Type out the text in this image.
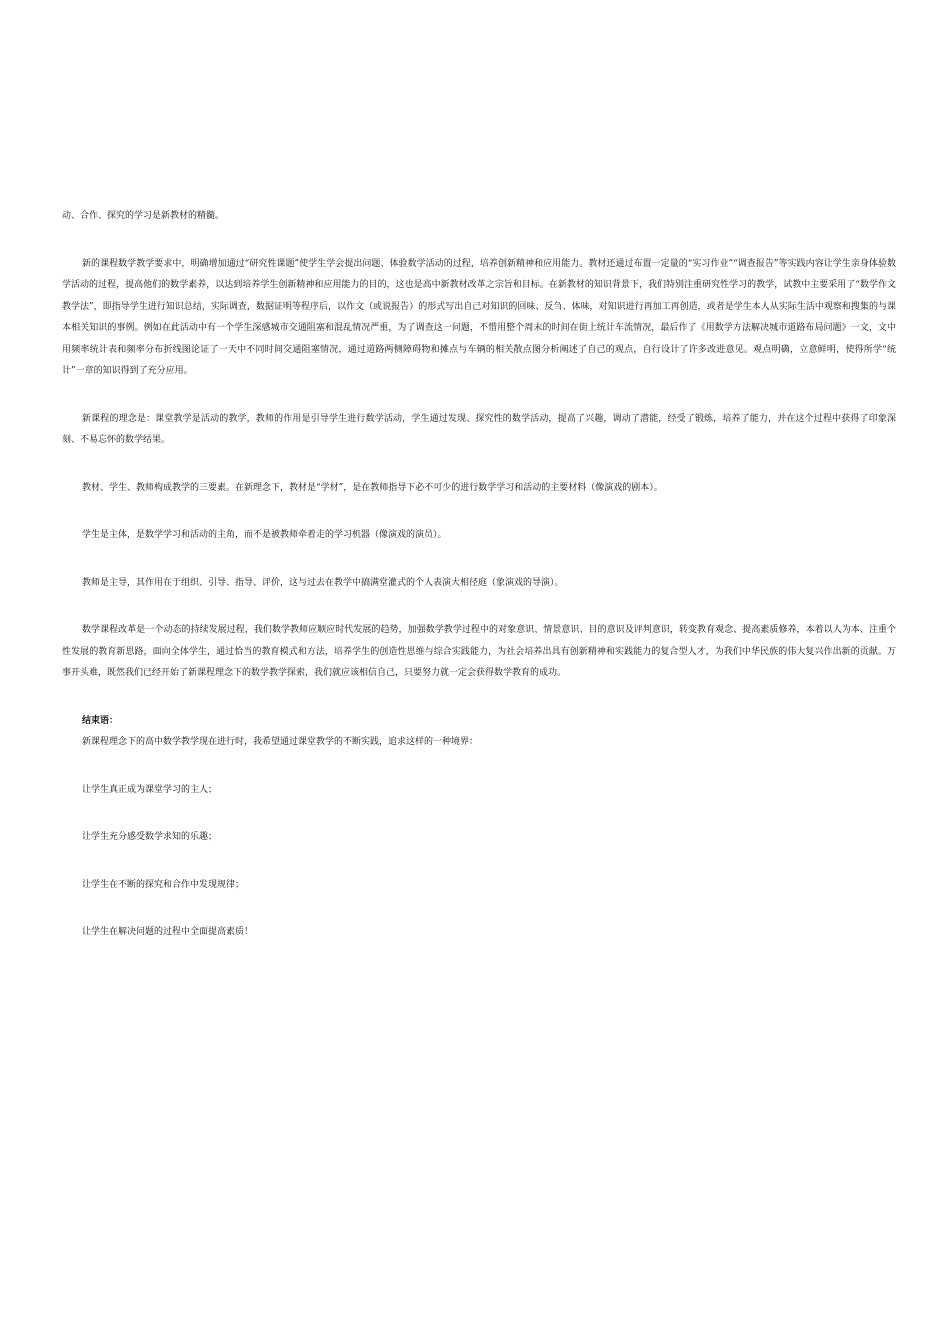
动、合作、探究的学习是新教材的精髓。

新的课程数学教学要求中，明确增加通过“研究性课题”使学生学会提出问题、体验数学活动的过程，培养创新精神和应用能力。教材还通过布置一定量的“实习作业”“调查报告”等实践内容让学生亲身体验数学活动的过程，提高他们的数学素养，以达到培养学生创新精神和应用能力的目的，这也是高中新教材改革之宗旨和目标。在新教材的知识背景下，我们特别注重研究性学习的教学，试教中主要采用了“数学作文教学法”，即指导学生进行知识总结，实际调查，数据证明等程序后，以作文（或说报告）的形式写出自己对知识的回味、反刍、体味，对知识进行再加工再创造，或者是学生本人从实际生活中观察和搜集的与课本相关知识的事例。例如在此活动中有一个学生深感城市交通阻塞和混乱情况严重，为了调查这一问题，不惜用整个周末的时间在街上统计车流情况，最后作了《用数学方法解决城市道路布局问题》一文，文中用频率统计表和频率分布折线图论证了一天中不同时间交通阻塞情况，通过道路两侧障碍物和摊点与车辆的相关散点图分析阐述了自己的观点，自行设计了许多改进意见。观点明确，立意鲜明，使得所学“统计”一章的知识得到了充分应用。

新课程的理念是：课堂教学是活动的教学，教师的作用是引导学生进行数学活动，学生通过发现、探究性的数学活动，提高了兴趣，调动了潜能，经受了锻炼，培养了能力，并在这个过程中获得了印象深刻、不易忘怀的数学结果。

教材、学生、教师构成教学的三要素。在新理念下，教材是“学材”，是在教师指导下必不可少的进行数学学习和活动的主要材料（像演戏的剧本）。

学生是主体，是数学学习和活动的主角，而不是被教师牵着走的学习机器（像演戏的演员）。

教师是主导，其作用在于组织、引导、指导、评价，这与过去在教学中搞满堂灌式的个人表演大相径庭（象演戏的导演）。

数学课程改革是一个动态的持续发展过程，我们数学教师应顺应时代发展的趋势，加强数学教学过程中的对象意识、情景意识、目的意识及评判意识，转变教育观念、提高素质修养，本着以人为本、注重个性发展的教育新思路，面向全体学生，通过恰当的教育模式和方法，培养学生的创造性思维与综合实践能力，为社会培养出具有创新精神和实践能力的复合型人才，为我们中华民族的伟大复兴作出新的贡献。万事开头难，既然我们已经开始了新课程理念下的数学教学探索，我们就应该相信自己，只要努力就一定会获得数学教育的成功。

结束语：

新课程理念下的高中数学教学现在进行时，我希望通过课堂教学的不断实践，追求这样的一种境界：

让学生真正成为课堂学习的主人；

让学生充分感受数学求知的乐趣；

让学生在不断的探究和合作中发现规律；

让学生在解决问题的过程中全面提高素质！
